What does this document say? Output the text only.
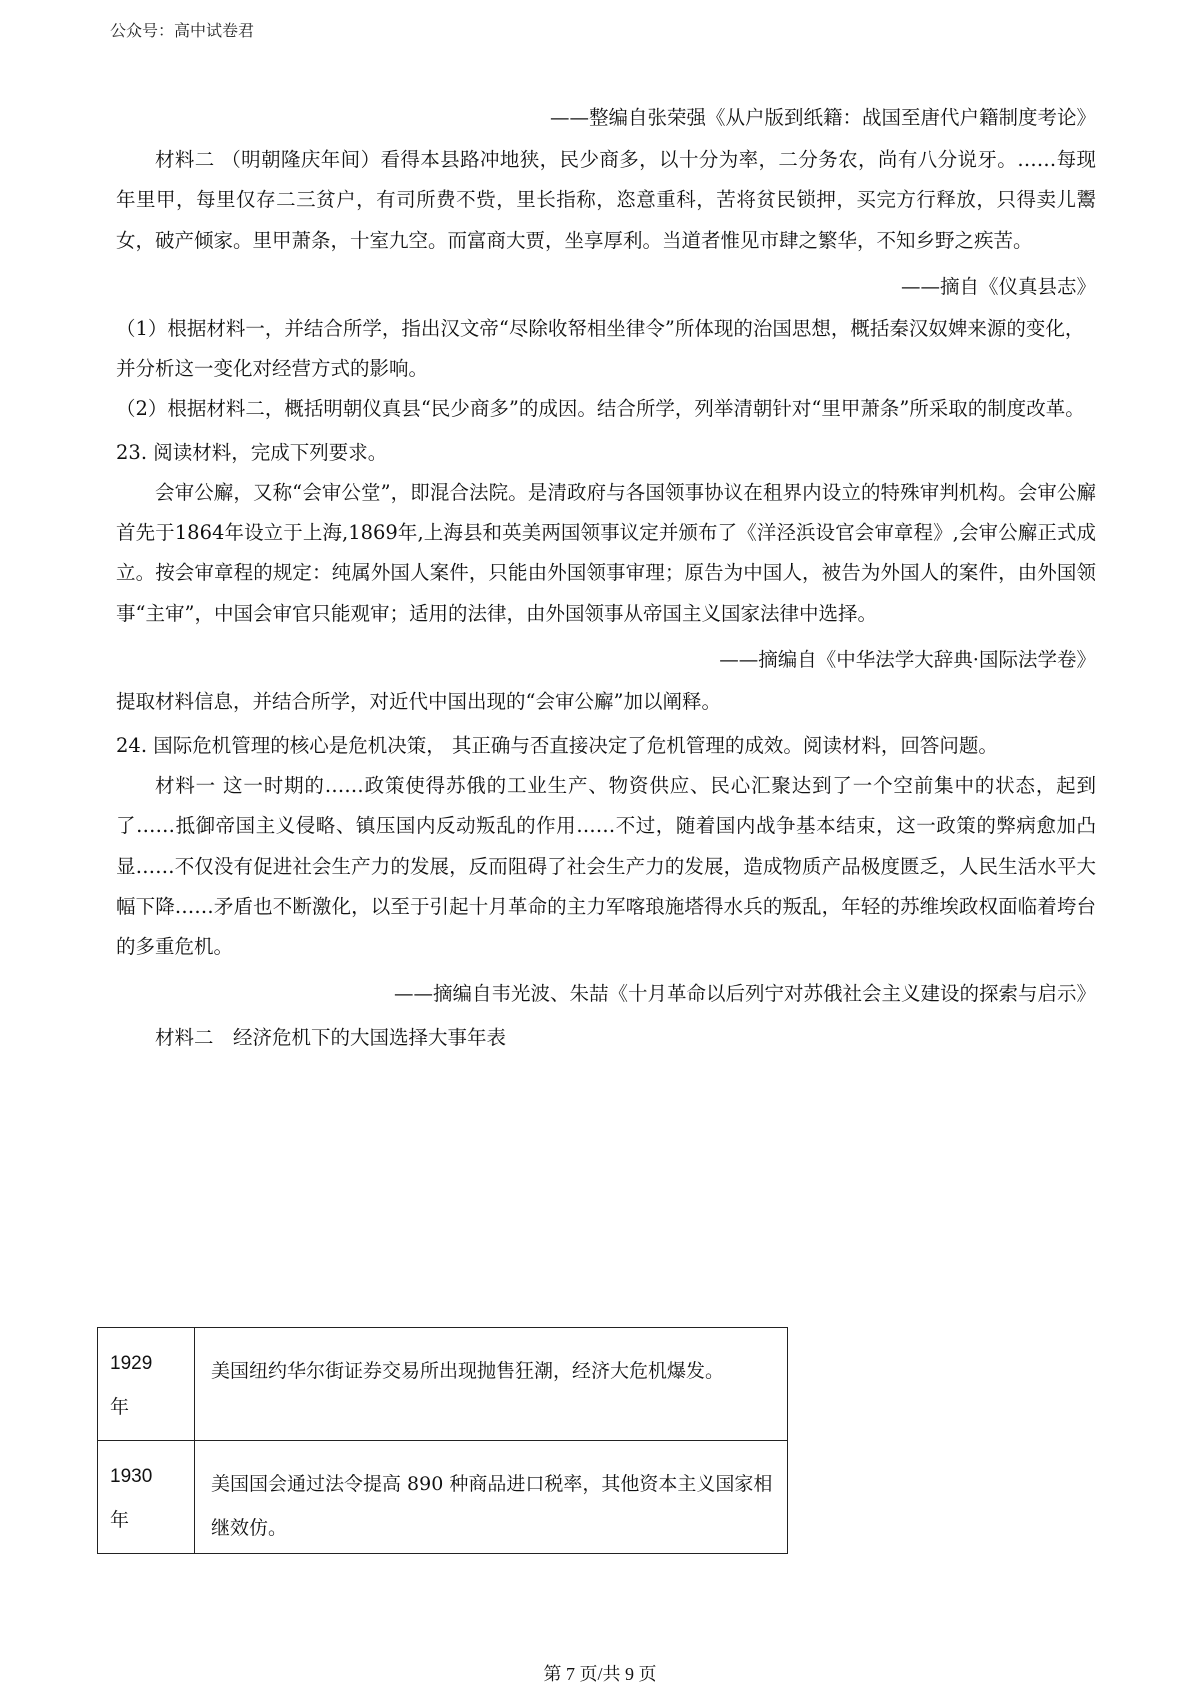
公众号：高中试卷君
——整编自张荣强《从户版到纸籍：战国至唐代户籍制度考论》

材料二 （明朝隆庆年间）看得本县路冲地狭，民少商多，以十分为率，二分务农，尚有八分说牙。……每现年里甲，每里仅存二三贫户，有司所费不赀，里长指称，恣意重科，苦将贫民锁押，买完方行释放，只得卖儿鬻女，破产倾家。里甲萧条，十室九空。而富商大贾，坐享厚利。当道者惟见市肆之繁华，不知乡野之疾苦。

——摘自《仪真县志》

（1）根据材料一，并结合所学，指出汉文帝“尽除收帑相坐律令”所体现的治国思想，概括秦汉奴婢来源的变化，并分析这一变化对经营方式的影响。

（2）根据材料二，概括明朝仪真县“民少商多”的成因。结合所学，列举清朝针对“里甲萧条”所采取的制度改革。

23. 阅读材料，完成下列要求。

会审公廨，又称“会审公堂”，即混合法院。是清政府与各国领事协议在租界内设立的特殊审判机构。会审公廨首先于1864年设立于上海,1869年,上海县和英美两国领事议定并颁布了《洋泾浜设官会审章程》,会审公廨正式成立。按会审章程的规定：纯属外国人案件，只能由外国领事审理；原告为中国人，被告为外国人的案件，由外国领事“主审”，中国会审官只能观审；适用的法律，由外国领事从帝国主义国家法律中选择。

——摘编自《中华法学大辞典·国际法学卷》

提取材料信息，并结合所学，对近代中国出现的“会审公廨”加以阐释。

24. 国际危机管理的核心是危机决策， 其正确与否直接决定了危机管理的成效。阅读材料，回答问题。

材料一 这一时期的……政策使得苏俄的工业生产、物资供应、民心汇聚达到了一个空前集中的状态，起到了……抵御帝国主义侵略、镇压国内反动叛乱的作用……不过，随着国内战争基本结束，这一政策的弊病愈加凸显……不仅没有促进社会生产力的发展，反而阻碍了社会生产力的发展，造成物质产品极度匮乏，人民生活水平大幅下降……矛盾也不断激化，以至于引起十月革命的主力军喀琅施塔得水兵的叛乱，年轻的苏维埃政权面临着垮台的多重危机。

——摘编自韦光波、朱喆《十月革命以后列宁对苏俄社会主义建设的探索与启示》
材料二　经济危机下的大国选择大事年表
1929
年	美国纽约华尔街证券交易所出现抛售狂潮，经济大危机爆发。

1930
年	美国国会通过法令提高 890 种商品进口税率，其他资本主义国家相继效仿。
第 7 页/共 9 页
